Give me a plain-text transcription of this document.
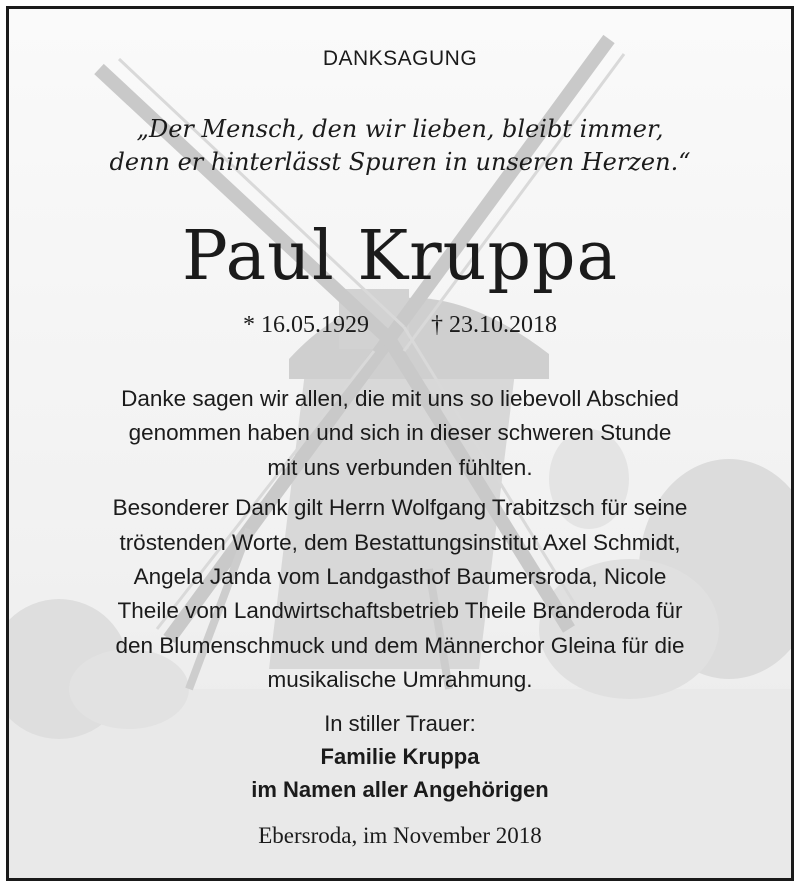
DANKSAGUNG
„Der Mensch, den wir lieben, bleibt immer,
denn er hinterlässt Spuren in unseren Herzen.“
Paul Kruppa
* 16.05.1929	† 23.10.2018

Danke sagen wir allen, die mit uns so liebevoll Abschied
genommen haben und sich in dieser schweren Stunde
mit uns verbunden fühlten.

Besonderer Dank gilt Herrn Wolfgang Trabitzsch für seine
tröstenden Worte, dem Bestattungsinstitut Axel Schmidt,
Angela Janda vom Landgasthof Baumersroda, Nicole
Theile vom Landwirtschaftsbetrieb Theile Branderoda für
den Blumenschmuck und dem Männerchor Gleina für die
musikalische Umrahmung.

In stiller Trauer:
Familie Kruppa
im Namen aller Angehörigen
Ebersroda, im November 2018
